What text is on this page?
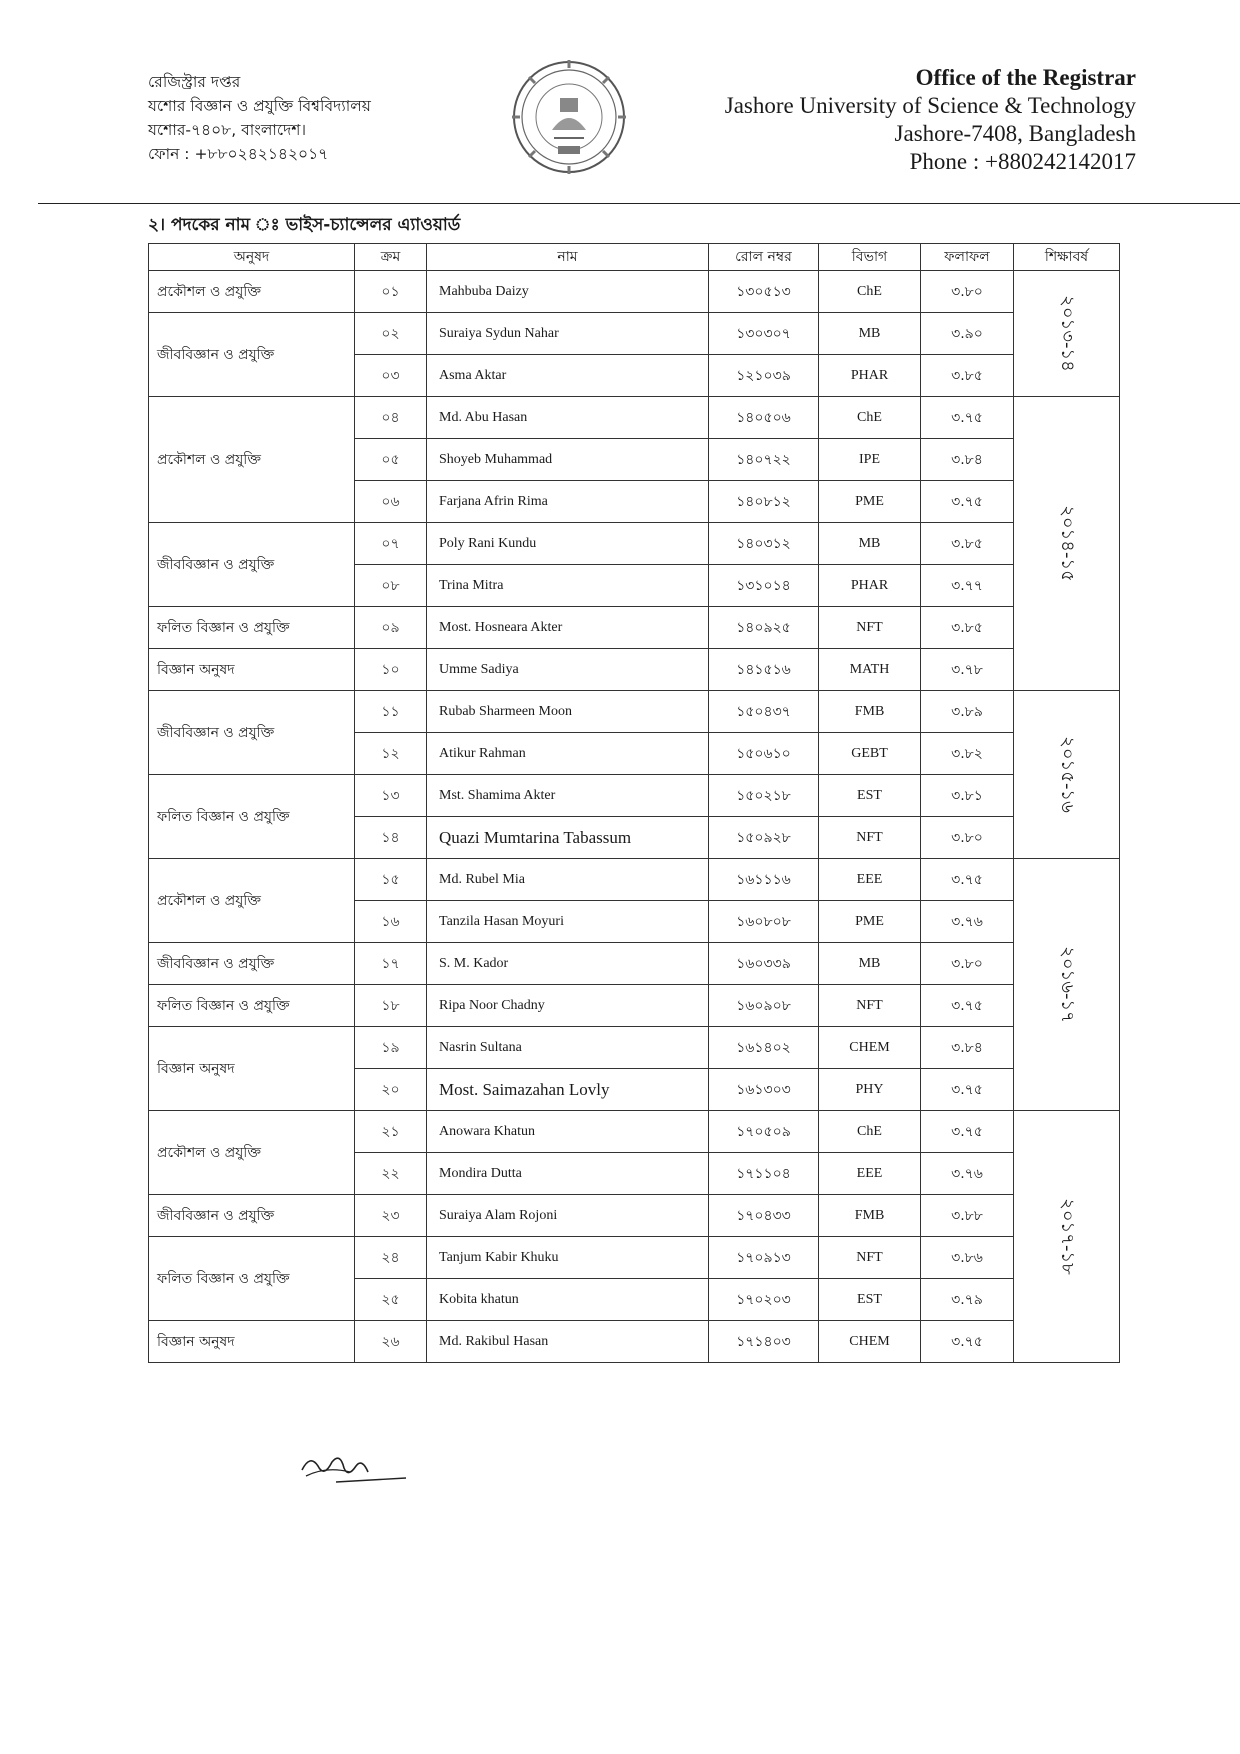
রেজিস্ট্রার দপ্তর
যশোর বিজ্ঞান ও প্রযুক্তি বিশ্ববিদ্যালয়
যশোর-৭৪০৮, বাংলাদেশ।
ফোন : +৮৮০২৪২১৪২০১৭
Office of the Registrar
Jashore University of Science & Technology
Jashore-7408, Bangladesh
Phone : +880242142017
২। পদকের নাম ঃ ভাইস-চ্যান্সেলর এ্যাওয়ার্ড
অনুষদ	ক্রম	নাম	রোল নম্বর	বিভাগ	ফলাফল	শিক্ষাবর্ষ
প্রকৌশল ও প্রযুক্তি	০১	Mahbuba Daizy	১৩০৫১৩	ChE	৩.৮০	২০১৩-১৪
জীববিজ্ঞান ও প্রযুক্তি	০২	Suraiya Sydun Nahar	১৩০৩০৭	MB	৩.৯০	
	০৩	Asma Aktar	১২১০৩৯	PHAR	৩.৮৫	
প্রকৌশল ও প্রযুক্তি	০৪	Md. Abu Hasan	১৪০৫০৬	ChE	৩.৭৫	২০১৪-১৫
	০৫	Shoyeb Muhammad	১৪০৭২২	IPE	৩.৮৪	
	০৬	Farjana Afrin Rima	১৪০৮১২	PME	৩.৭৫	
জীববিজ্ঞান ও প্রযুক্তি	০৭	Poly Rani Kundu	১৪০৩১২	MB	৩.৮৫	
	০৮	Trina Mitra	১৩১০১৪	PHAR	৩.৭৭	
ফলিত বিজ্ঞান ও প্রযুক্তি	০৯	Most. Hosneara Akter	১৪০৯২৫	NFT	৩.৮৫	
বিজ্ঞান অনুষদ	১০	Umme Sadiya	১৪১৫১৬	MATH	৩.৭৮	
জীববিজ্ঞান ও প্রযুক্তি	১১	Rubab Sharmeen Moon	১৫০৪৩৭	FMB	৩.৮৯	২০১৫-১৬
	১২	Atikur Rahman	১৫০৬১০	GEBT	৩.৮২	
ফলিত বিজ্ঞান ও প্রযুক্তি	১৩	Mst. Shamima Akter	১৫০২১৮	EST	৩.৮১	
	১৪	Quazi Mumtarina Tabassum	১৫০৯২৮	NFT	৩.৮০	
প্রকৌশল ও প্রযুক্তি	১৫	Md. Rubel Mia	১৬১১১৬	EEE	৩.৭৫	২০১৬-১৭
	১৬	Tanzila Hasan Moyuri	১৬০৮০৮	PME	৩.৭৬	
জীববিজ্ঞান ও প্রযুক্তি	১৭	S. M. Kador	১৬০৩৩৯	MB	৩.৮০	
ফলিত বিজ্ঞান ও প্রযুক্তি	১৮	Ripa Noor Chadny	১৬০৯০৮	NFT	৩.৭৫	
বিজ্ঞান অনুষদ	১৯	Nasrin Sultana	১৬১৪০২	CHEM	৩.৮৪	
	২০	Most. Saimazahan Lovly	১৬১৩০৩	PHY	৩.৭৫	
প্রকৌশল ও প্রযুক্তি	২১	Anowara Khatun	১৭০৫০৯	ChE	৩.৭৫	২০১৭-১৮
	২২	Mondira Dutta	১৭১১০৪	EEE	৩.৭৬	
জীববিজ্ঞান ও প্রযুক্তি	২৩	Suraiya Alam Rojoni	১৭০৪৩৩	FMB	৩.৮৮	
ফলিত বিজ্ঞান ও প্রযুক্তি	২৪	Tanjum Kabir Khuku	১৭০৯১৩	NFT	৩.৮৬	
	২৫	Kobita khatun	১৭০২০৩	EST	৩.৭৯	
বিজ্ঞান অনুষদ	২৬	Md. Rakibul Hasan	১৭১৪০৩	CHEM	৩.৭৫	
